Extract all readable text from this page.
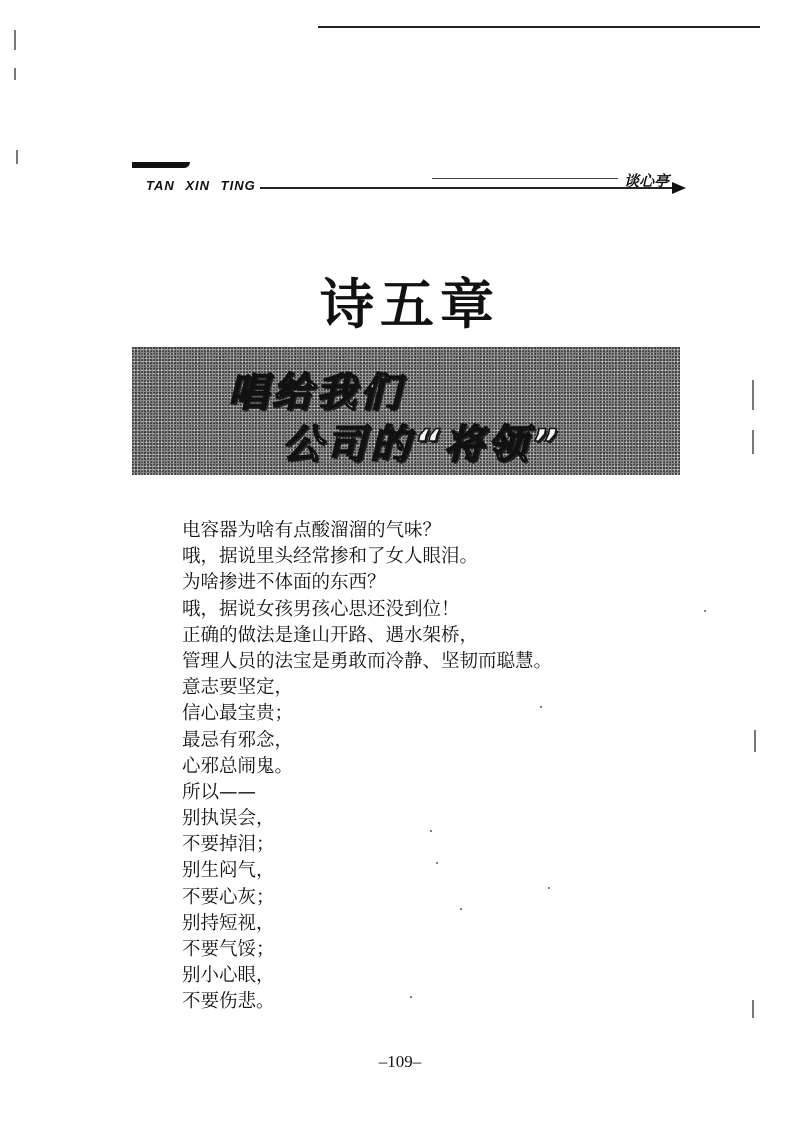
TAN XIN TING	谈心亭
诗五章
唱给我们
公司的“将领”
电容器为啥有点酸溜溜的气味？
哦，据说里头经常掺和了女人眼泪。
为啥掺进不体面的东西？
哦，据说女孩男孩心思还没到位！
正确的做法是逢山开路、遇水架桥，
管理人员的法宝是勇敢而冷静、坚韧而聪慧。
意志要坚定，
信心最宝贵；
最忌有邪念，
心邪总闹鬼。
所以——
别执误会，
不要掉泪；
别生闷气，
不要心灰；
别持短视，
不要气馁；
别小心眼，
不要伤悲。
–109–
